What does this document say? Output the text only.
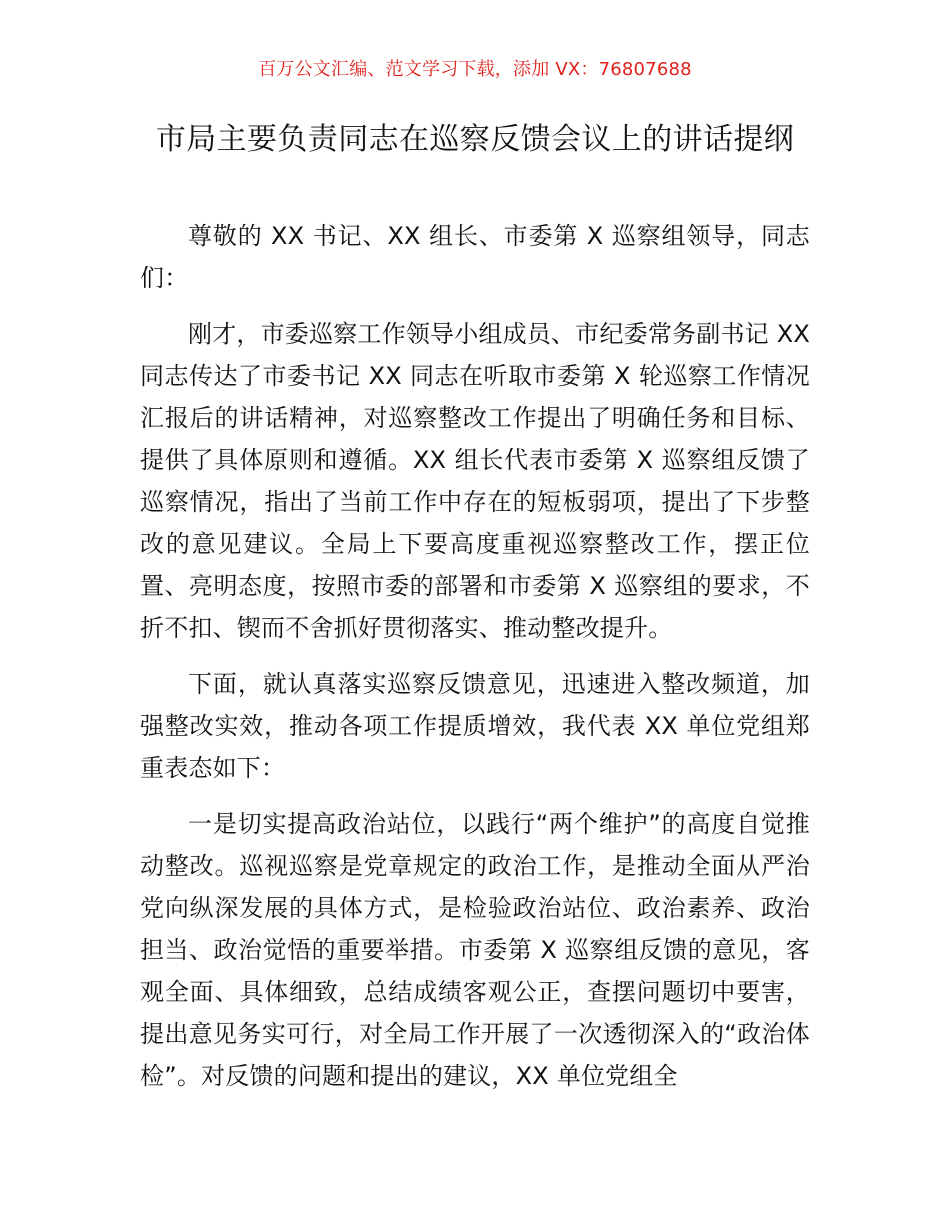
百万公文汇编、范文学习下载，添加 VX：76807688
市局主要负责同志在巡察反馈会议上的讲话提纲

尊敬的 XX 书记、XX 组长、市委第 X 巡察组领导，同志们：

刚才，市委巡察工作领导小组成员、市纪委常务副书记 XX 同志传达了市委书记 XX 同志在听取市委第 X 轮巡察工作情况汇报后的讲话精神，对巡察整改工作提出了明确任务和目标、提供了具体原则和遵循。XX 组长代表市委第 X 巡察组反馈了巡察情况，指出了当前工作中存在的短板弱项，提出了下步整改的意见建议。全局上下要高度重视巡察整改工作，摆正位置、亮明态度，按照市委的部署和市委第 X 巡察组的要求，不折不扣、锲而不舍抓好贯彻落实、推动整改提升。

下面，就认真落实巡察反馈意见，迅速进入整改频道，加强整改实效，推动各项工作提质增效，我代表 XX 单位党组郑重表态如下：

一是切实提高政治站位，以践行“两个维护”的高度自觉推动整改。巡视巡察是党章规定的政治工作，是推动全面从严治党向纵深发展的具体方式，是检验政治站位、政治素养、政治担当、政治觉悟的重要举措。市委第 X 巡察组反馈的意见，客观全面、具体细致，总结成绩客观公正，查摆问题切中要害，提出意见务实可行，对全局工作开展了一次透彻深入的“政治体检”。对反馈的问题和提出的建议，XX 单位党组全
